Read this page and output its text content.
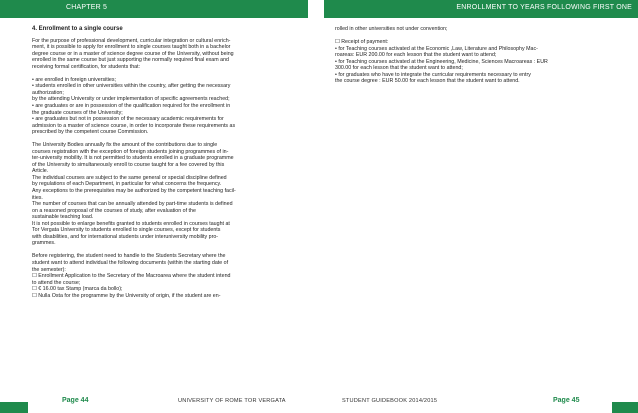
CHAPTER 5	ENROLLMENT TO YEARS FOLLOWING FIRST ONE

4. Enrollment to a single course

For the purpose of professional development, curricular integration or cultural enrich-

ment, it is possible to apply for enrollment to single courses taught both in a bachelor

degree course or in a master of science degree course of the University, without being

enrolled in the same course but just supporting the normally required final exam and

receiving formal certification, for students that:

• are enrolled in foreign universities;

• students enrolled in other universities within the country, after getting the necessary

authorization;

by the attending University or under implementation of specific agreements reached;

• are graduates or are in possession of the qualification required for the enrollment in

the graduate courses of the University;

• are graduates but not in possession of the necessary academic requirements for

admission to a master of science course, in order to incorporate these requirements as

prescribed by the competent course Commission.

The University Bodies annually fix the amount of the contributions due to single

courses registration with the exception of foreign students joining programmes of in-

ter-university mobility. It is not permitted to students enrolled in a graduate programme

of the University to simultaneously enroll to course taught for a fee covered by this

Article.

The individual courses are subject to the same general or special discipline defined

by regulations of each Department, in particular for what concerns the frequency.

Any exceptions to the prerequisites may be authorized by the competent teaching facil-

ities.

The number of courses that can be annually attended by part-time students is defined

on a reasoned proposal of the courses of study, after evaluation of the

sustainable teaching load.

It is not possible to enlarge benefits granted to students enrolled in courses taught at

Tor Vergata University to students enrolled to single courses, except for students

with disabilities, and for international students under interuniversity mobility pro-

grammes.

Before registering, the student need to handle to the Students Secretary where the

student want to attend individual the following documents (within the starting date of

the semester):

☐ Enrollment Application to the Secretary of the Macroarea where the student intend

to attend the course;

☐ € 16.00 tax Stamp (marca da bollo);

☐ Nulla Osta for the programme by the University of origin, if the student are en-

rolled in other universities not under convention;

☐ Receipt of payment:

• for Teaching courses activated at the Economic ,Law, Literature and Philosophy Mac-

roareas: EUR 200.00 for each lesson that the student want to attend;

• for Teaching courses activated at the Engineering, Medicine, Sciences Macroareas : EUR

300.00 for each lesson that the student want to attend;

• for graduates who have to integrate the curricular requirements necessary to entry

the course degree : EUR 50.00 for each lesson that the student want to attend.

Page 44	UNIVERSITY OF ROME TOR VERGATA	STUDENT GUIDEBOOK 2014/2015	Page 45
